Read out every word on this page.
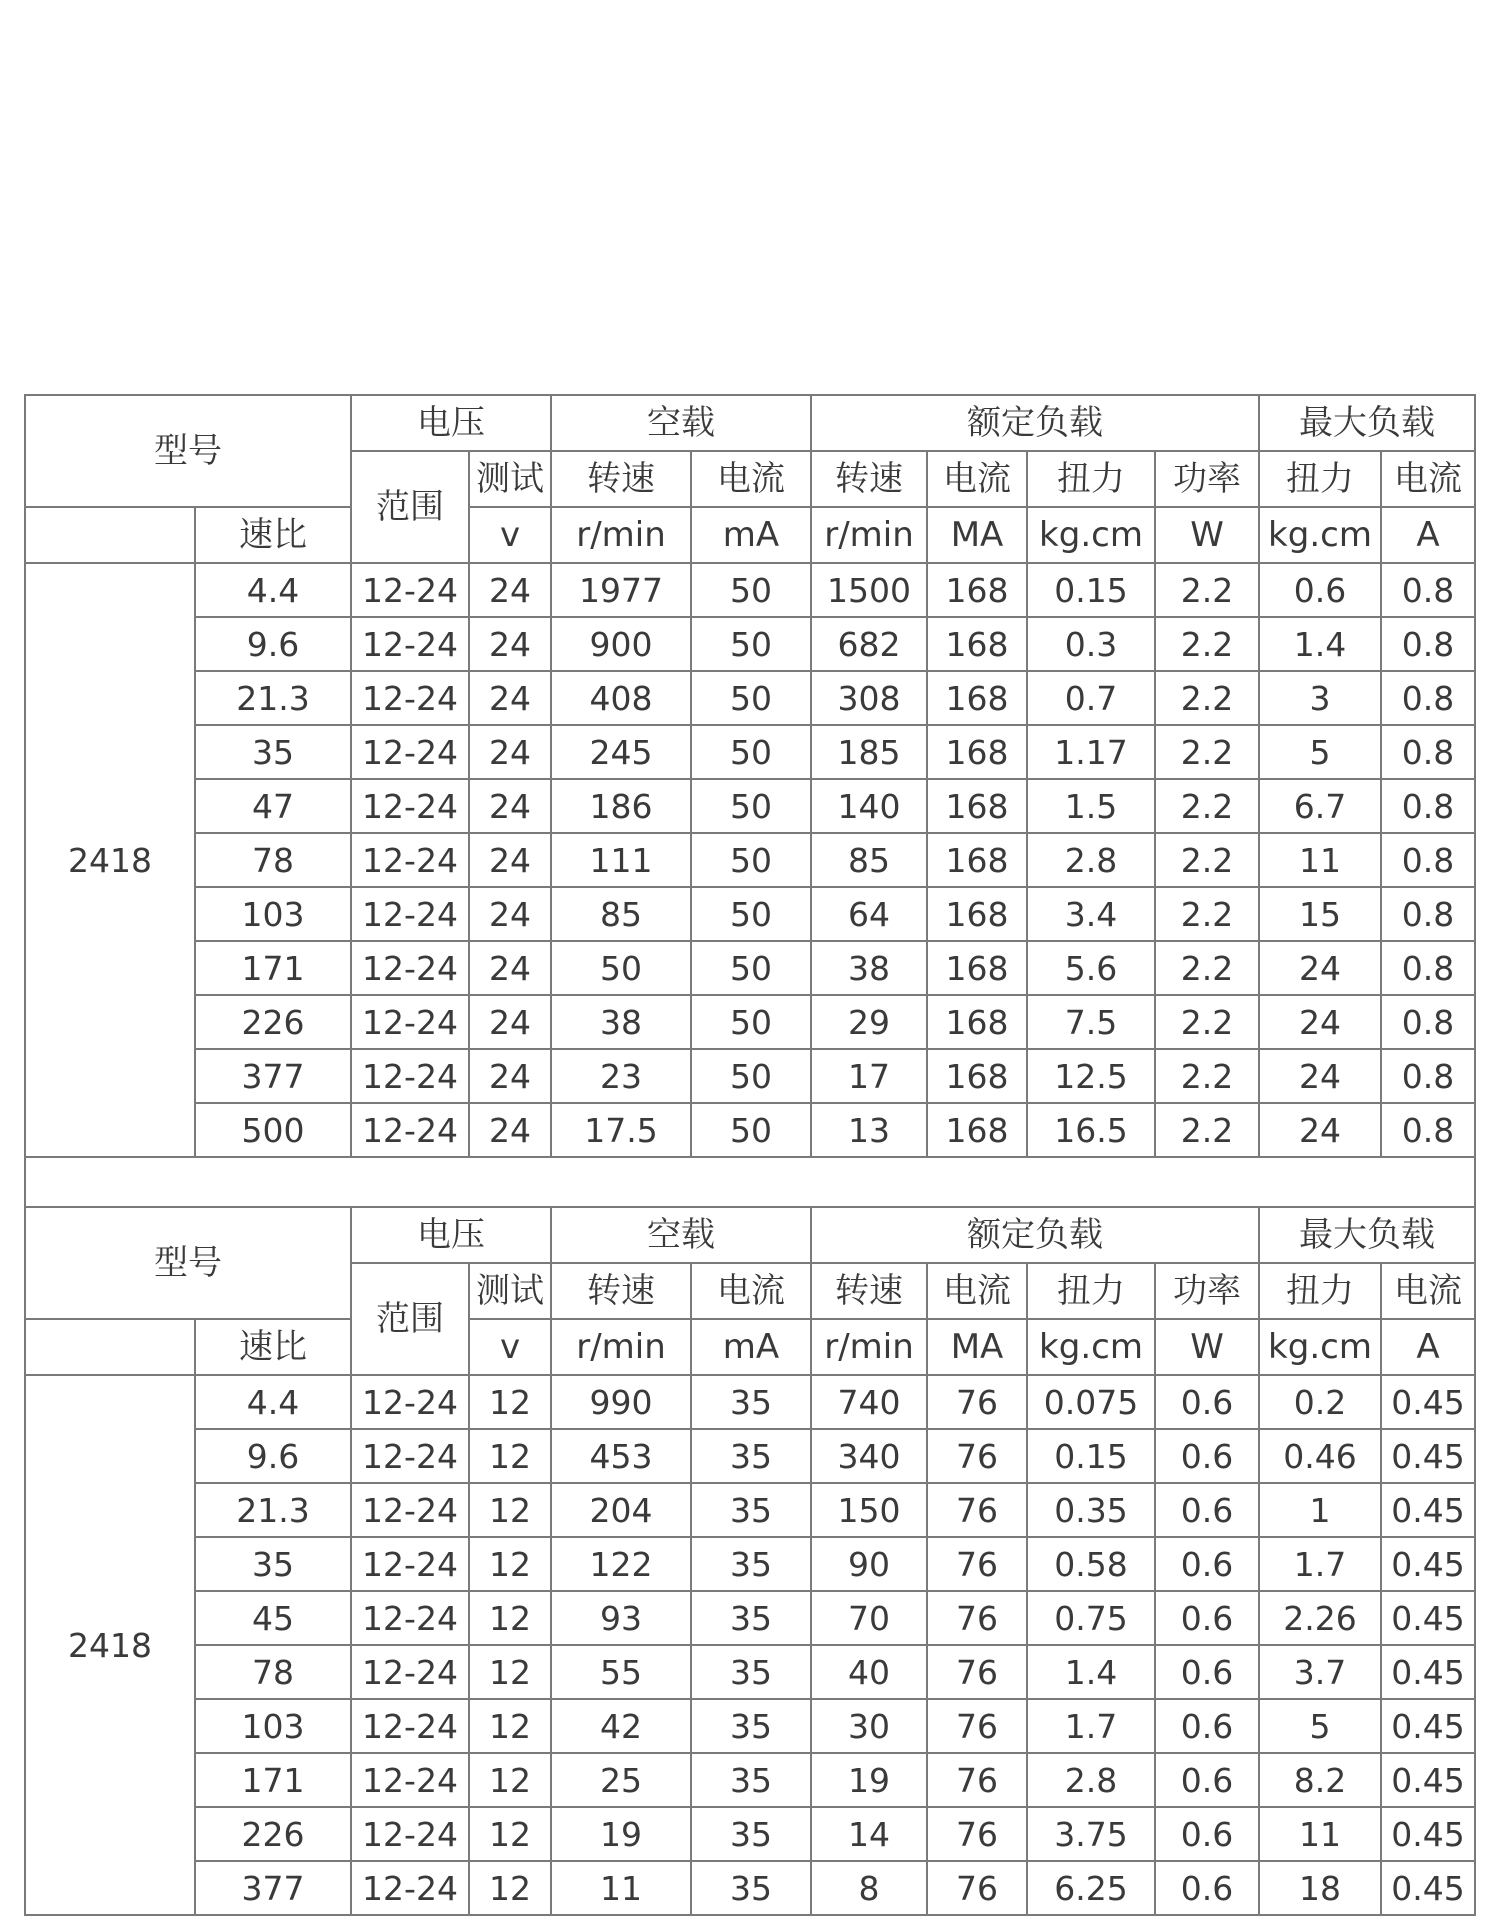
型号		电压		空载		额定负载				最大负载	
		范围	测试	转速	电流	转速	电流	扭力	功率	扭力	电流
	速比		v	r/min	mA	r/min	MA	kg.cm	W	kg.cm	A
2418	4.4	12-24	24	1977	50	1500	168	0.15	2.2	0.6	0.8
	9.6	12-24	24	900	50	682	168	0.3	2.2	1.4	0.8
	21.3	12-24	24	408	50	308	168	0.7	2.2	3	0.8
	35	12-24	24	245	50	185	168	1.17	2.2	5	0.8
	47	12-24	24	186	50	140	168	1.5	2.2	6.7	0.8
	78	12-24	24	111	50	85	168	2.8	2.2	11	0.8
	103	12-24	24	85	50	64	168	3.4	2.2	15	0.8
	171	12-24	24	50	50	38	168	5.6	2.2	24	0.8
	226	12-24	24	38	50	29	168	7.5	2.2	24	0.8
	377	12-24	24	23	50	17	168	12.5	2.2	24	0.8
	500	12-24	24	17.5	50	13	168	16.5	2.2	24	0.8

型号		电压		空载		额定负载				最大负载	
		范围	测试	转速	电流	转速	电流	扭力	功率	扭力	电流
	速比		v	r/min	mA	r/min	MA	kg.cm	W	kg.cm	A
2418	4.4	12-24	12	990	35	740	76	0.075	0.6	0.2	0.45
	9.6	12-24	12	453	35	340	76	0.15	0.6	0.46	0.45
	21.3	12-24	12	204	35	150	76	0.35	0.6	1	0.45
	35	12-24	12	122	35	90	76	0.58	0.6	1.7	0.45
	45	12-24	12	93	35	70	76	0.75	0.6	2.26	0.45
	78	12-24	12	55	35	40	76	1.4	0.6	3.7	0.45
	103	12-24	12	42	35	30	76	1.7	0.6	5	0.45
	171	12-24	12	25	35	19	76	2.8	0.6	8.2	0.45
	226	12-24	12	19	35	14	76	3.75	0.6	11	0.45
	377	12-24	12	11	35	8	76	6.25	0.6	18	0.45
